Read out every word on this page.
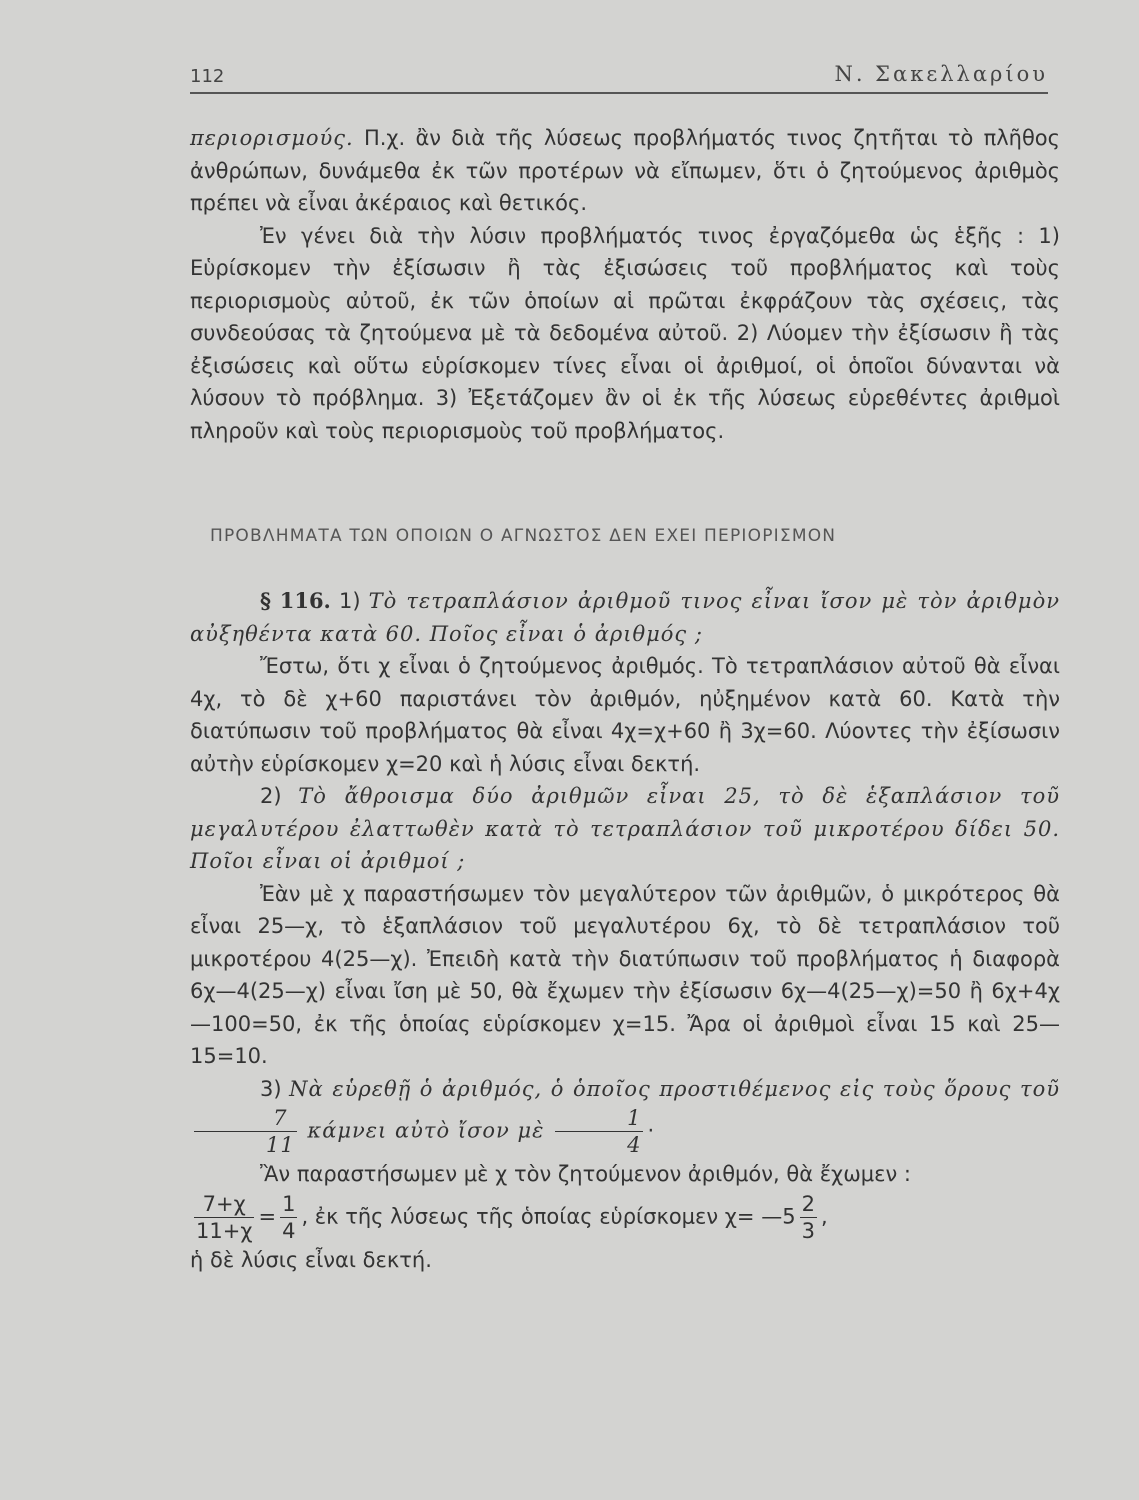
112	Ν. Σακελλαρίου

περιορισμούς. Π.χ. ἂν διὰ τῆς λύσεως προβλήματός τινος ζητῆται τὸ πλῆθος ἀνθρώπων, δυνάμεθα ἐκ τῶν προτέρων νὰ εἴπωμεν, ὅτι ὁ ζητούμενος ἀριθμὸς πρέπει νὰ εἶναι ἀκέραιος καὶ θετικός.

Ἐν γένει διὰ τὴν λύσιν προβλήματός τινος ἐργαζόμεθα ὡς ἑξῆς : 1) Εὑρίσκομεν τὴν ἐξίσωσιν ἢ τὰς ἐξισώσεις τοῦ προβλήματος καὶ τοὺς περιορισμοὺς αὐτοῦ, ἐκ τῶν ὁποίων αἱ πρῶται ἐκφράζουν τὰς σχέσεις, τὰς συνδεούσας τὰ ζητούμενα μὲ τὰ δεδομένα αὐτοῦ. 2) Λύομεν τὴν ἐξίσωσιν ἢ τὰς ἐξισώσεις καὶ οὕτω εὑρίσκομεν τίνες εἶναι οἱ ἀριθμοί, οἱ ὁποῖοι δύνανται νὰ λύσουν τὸ πρόβλημα. 3) Ἐξετάζομεν ἂν οἱ ἐκ τῆς λύσεως εὑρεθέντες ἀριθμοὶ πληροῦν καὶ τοὺς περιορισμοὺς τοῦ προβλήματος.

ΠΡΟΒΛΗΜΑΤΑ ΤΩΝ ΟΠΟΙΩΝ Ο ΑΓΝΩΣΤΟΣ ΔΕΝ ΕΧΕΙ ΠΕΡΙΟΡΙΣΜΟΝ

§ 116. 1) Τὸ τετραπλάσιον ἀριθμοῦ τινος εἶναι ἴσον μὲ τὸν ἀριθμὸν αὐξηθέντα κατὰ 60. Ποῖος εἶναι ὁ ἀριθμός ;

Ἔστω, ὅτι χ εἶναι ὁ ζητούμενος ἀριθμός. Τὸ τετραπλάσιον αὐτοῦ θὰ εἶναι 4χ, τὸ δὲ χ+60 παριστάνει τὸν ἀριθμόν, ηὐξημένον κατὰ 60. Κατὰ τὴν διατύπωσιν τοῦ προβλήματος θὰ εἶναι 4χ=χ+60 ἢ 3χ=60. Λύοντες τὴν ἐξίσωσιν αὐτὴν εὑρίσκομεν χ=20 καὶ ἡ λύσις εἶναι δεκτή.

2) Τὸ ἄθροισμα δύο ἀριθμῶν εἶναι 25, τὸ δὲ ἑξαπλάσιον τοῦ μεγαλυτέρου ἐλαττωθὲν κατὰ τὸ τετραπλάσιον τοῦ μικροτέρου δίδει 50. Ποῖοι εἶναι οἱ ἀριθμοί ;

Ἐὰν μὲ χ παραστήσωμεν τὸν μεγαλύτερον τῶν ἀριθμῶν, ὁ μικρότερος θὰ εἶναι 25—χ, τὸ ἑξαπλάσιον τοῦ μεγαλυτέρου 6χ, τὸ δὲ τετραπλάσιον τοῦ μικροτέρου 4(25—χ). Ἐπειδὴ κατὰ τὴν διατύπωσιν τοῦ προβλήματος ἡ διαφορὰ 6χ—4(25—χ) εἶναι ἴση μὲ 50, θὰ ἔχωμεν τὴν ἐξίσωσιν 6χ—4(25—χ)=50 ἢ 6χ+4χ—100=50, ἐκ τῆς ὁποίας εὑρίσκομεν χ=15. Ἄρα οἱ ἀριθμοὶ εἶναι 15 καὶ 25—15=10.

3) Νὰ εὑρεθῇ ὁ ἀριθμός, ὁ ὁποῖος προστιθέμενος εἰς τοὺς ὅρους τοῦ
$\frac{7}{11}$ κάμνει αὐτὸ ἴσον μὲ $\frac{1}{4}$ ·

Ἂν παραστήσωμεν μὲ χ τὸν ζητούμενον ἀριθμόν, θὰ ἔχωμεν :

$\frac{7+\chi}{11+\chi} = \frac{1}{4}$ , ἐκ τῆς λύσεως τῆς ὁποίας εὑρίσκομεν χ= —5 $\frac{2}{3}$ ,

ἡ δὲ λύσις εἶναι δεκτή.
